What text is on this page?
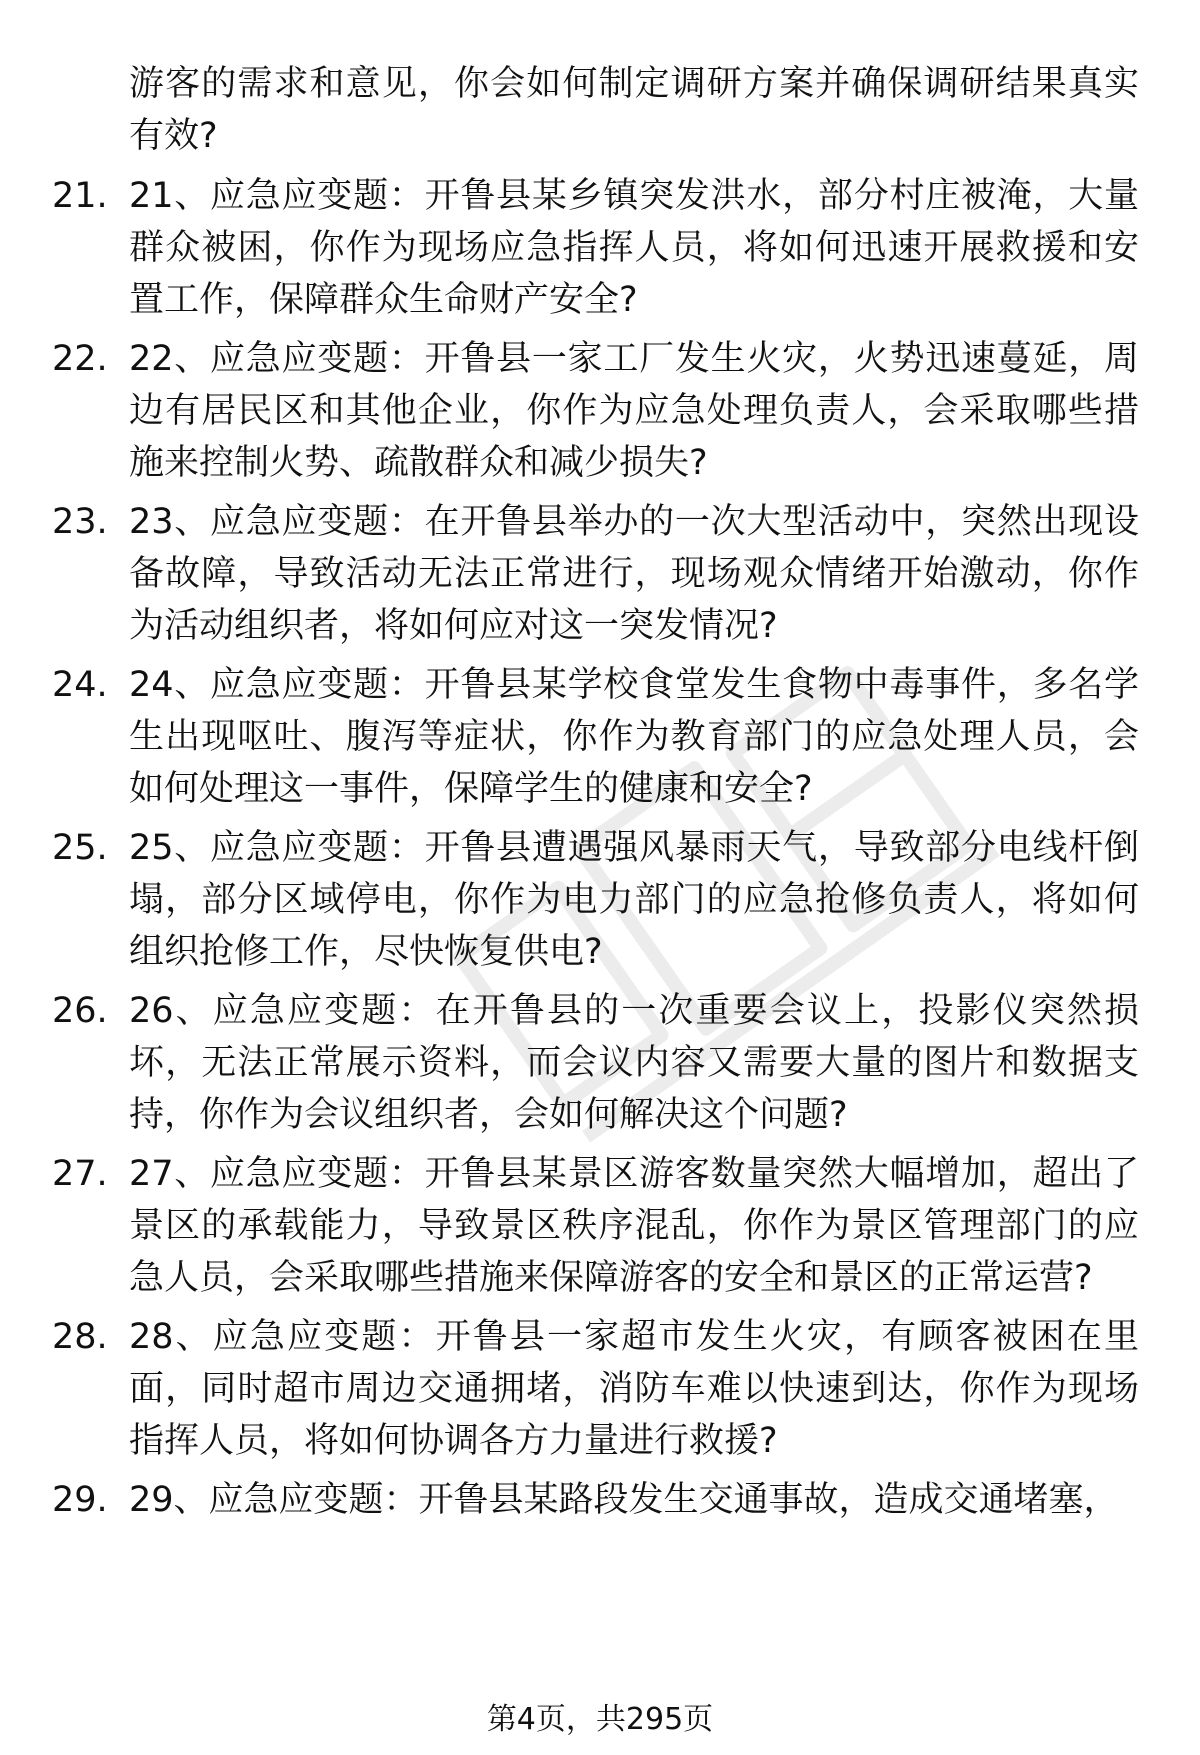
游客的需求和意见，你会如何制定调研方案并确保调研结果真实有效?

21. 21、应急应变题：开鲁县某乡镇突发洪水，部分村庄被淹，大量群众被困，你作为现场应急指挥人员，将如何迅速开展救援和安置工作，保障群众生命财产安全?

22. 22、应急应变题：开鲁县一家工厂发生火灾，火势迅速蔓延，周边有居民区和其他企业，你作为应急处理负责人，会采取哪些措施来控制火势、疏散群众和减少损失?

23. 23、应急应变题：在开鲁县举办的一次大型活动中，突然出现设备故障，导致活动无法正常进行，现场观众情绪开始激动，你作为活动组织者，将如何应对这一突发情况?

24. 24、应急应变题：开鲁县某学校食堂发生食物中毒事件，多名学生出现呕吐、腹泻等症状，你作为教育部门的应急处理人员，会如何处理这一事件，保障学生的健康和安全?

25. 25、应急应变题：开鲁县遭遇强风暴雨天气，导致部分电线杆倒塌，部分区域停电，你作为电力部门的应急抢修负责人，将如何组织抢修工作，尽快恢复供电?

26. 26、应急应变题：在开鲁县的一次重要会议上，投影仪突然损坏，无法正常展示资料，而会议内容又需要大量的图片和数据支持，你作为会议组织者，会如何解决这个问题?

27. 27、应急应变题：开鲁县某景区游客数量突然大幅增加，超出了景区的承载能力，导致景区秩序混乱，你作为景区管理部门的应急人员，会采取哪些措施来保障游客的安全和景区的正常运营?

28. 28、应急应变题：开鲁县一家超市发生火灾，有顾客被困在里面，同时超市周边交通拥堵，消防车难以快速到达，你作为现场指挥人员，将如何协调各方力量进行救援?

29. 29、应急应变题：开鲁县某路段发生交通事故，造成交通堵塞，

第4页，共295页
